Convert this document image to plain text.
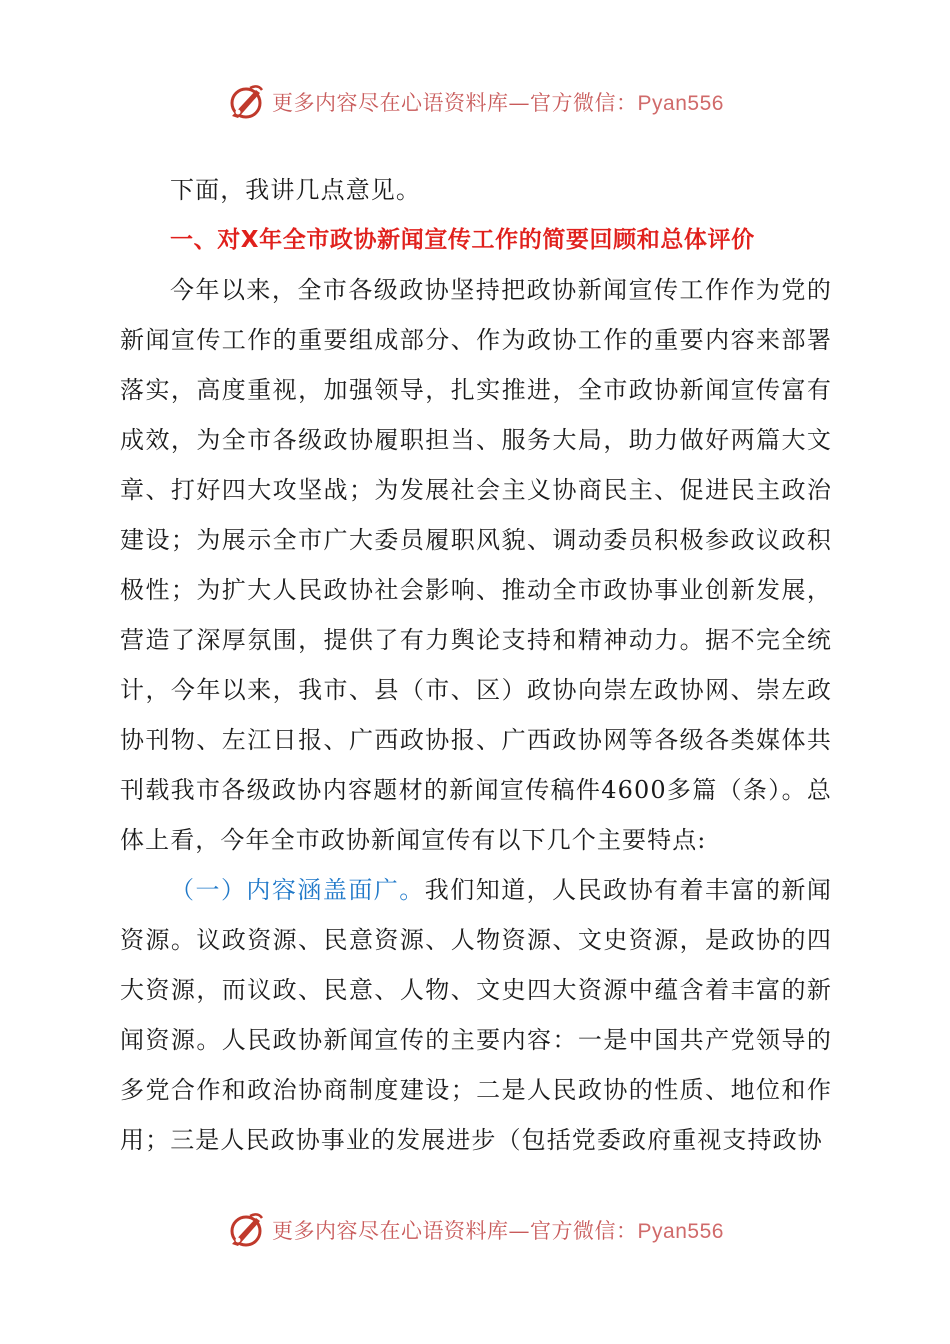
更多内容尽在心语资料库—官方微信：Pyan556

下面，我讲几点意见。

一、对X年全市政协新闻宣传工作的简要回顾和总体评价

今年以来，全市各级政协坚持把政协新闻宣传工作作为党的新闻宣传工作的重要组成部分、作为政协工作的重要内容来部署落实，高度重视，加强领导，扎实推进，全市政协新闻宣传富有成效，为全市各级政协履职担当、服务大局，助力做好两篇大文章、打好四大攻坚战；为发展社会主义协商民主、促进民主政治建设；为展示全市广大委员履职风貌、调动委员积极参政议政积极性；为扩大人民政协社会影响、推动全市政协事业创新发展，营造了深厚氛围，提供了有力舆论支持和精神动力。据不完全统计，今年以来，我市、县（市、区）政协向崇左政协网、崇左政协刊物、左江日报、广西政协报、广西政协网等各级各类媒体共刊载我市各级政协内容题材的新闻宣传稿件4600多篇（条）。总体上看，今年全市政协新闻宣传有以下几个主要特点:

（一）内容涵盖面广。我们知道，人民政协有着丰富的新闻资源。议政资源、民意资源、人物资源、文史资源，是政协的四大资源，而议政、民意、人物、文史四大资源中蕴含着丰富的新闻资源。人民政协新闻宣传的主要内容：一是中国共产党领导的多党合作和政治协商制度建设；二是人民政协的性质、地位和作用；三是人民政协事业的发展进步（包括党委政府重视支持政协

更多内容尽在心语资料库—官方微信：Pyan556
